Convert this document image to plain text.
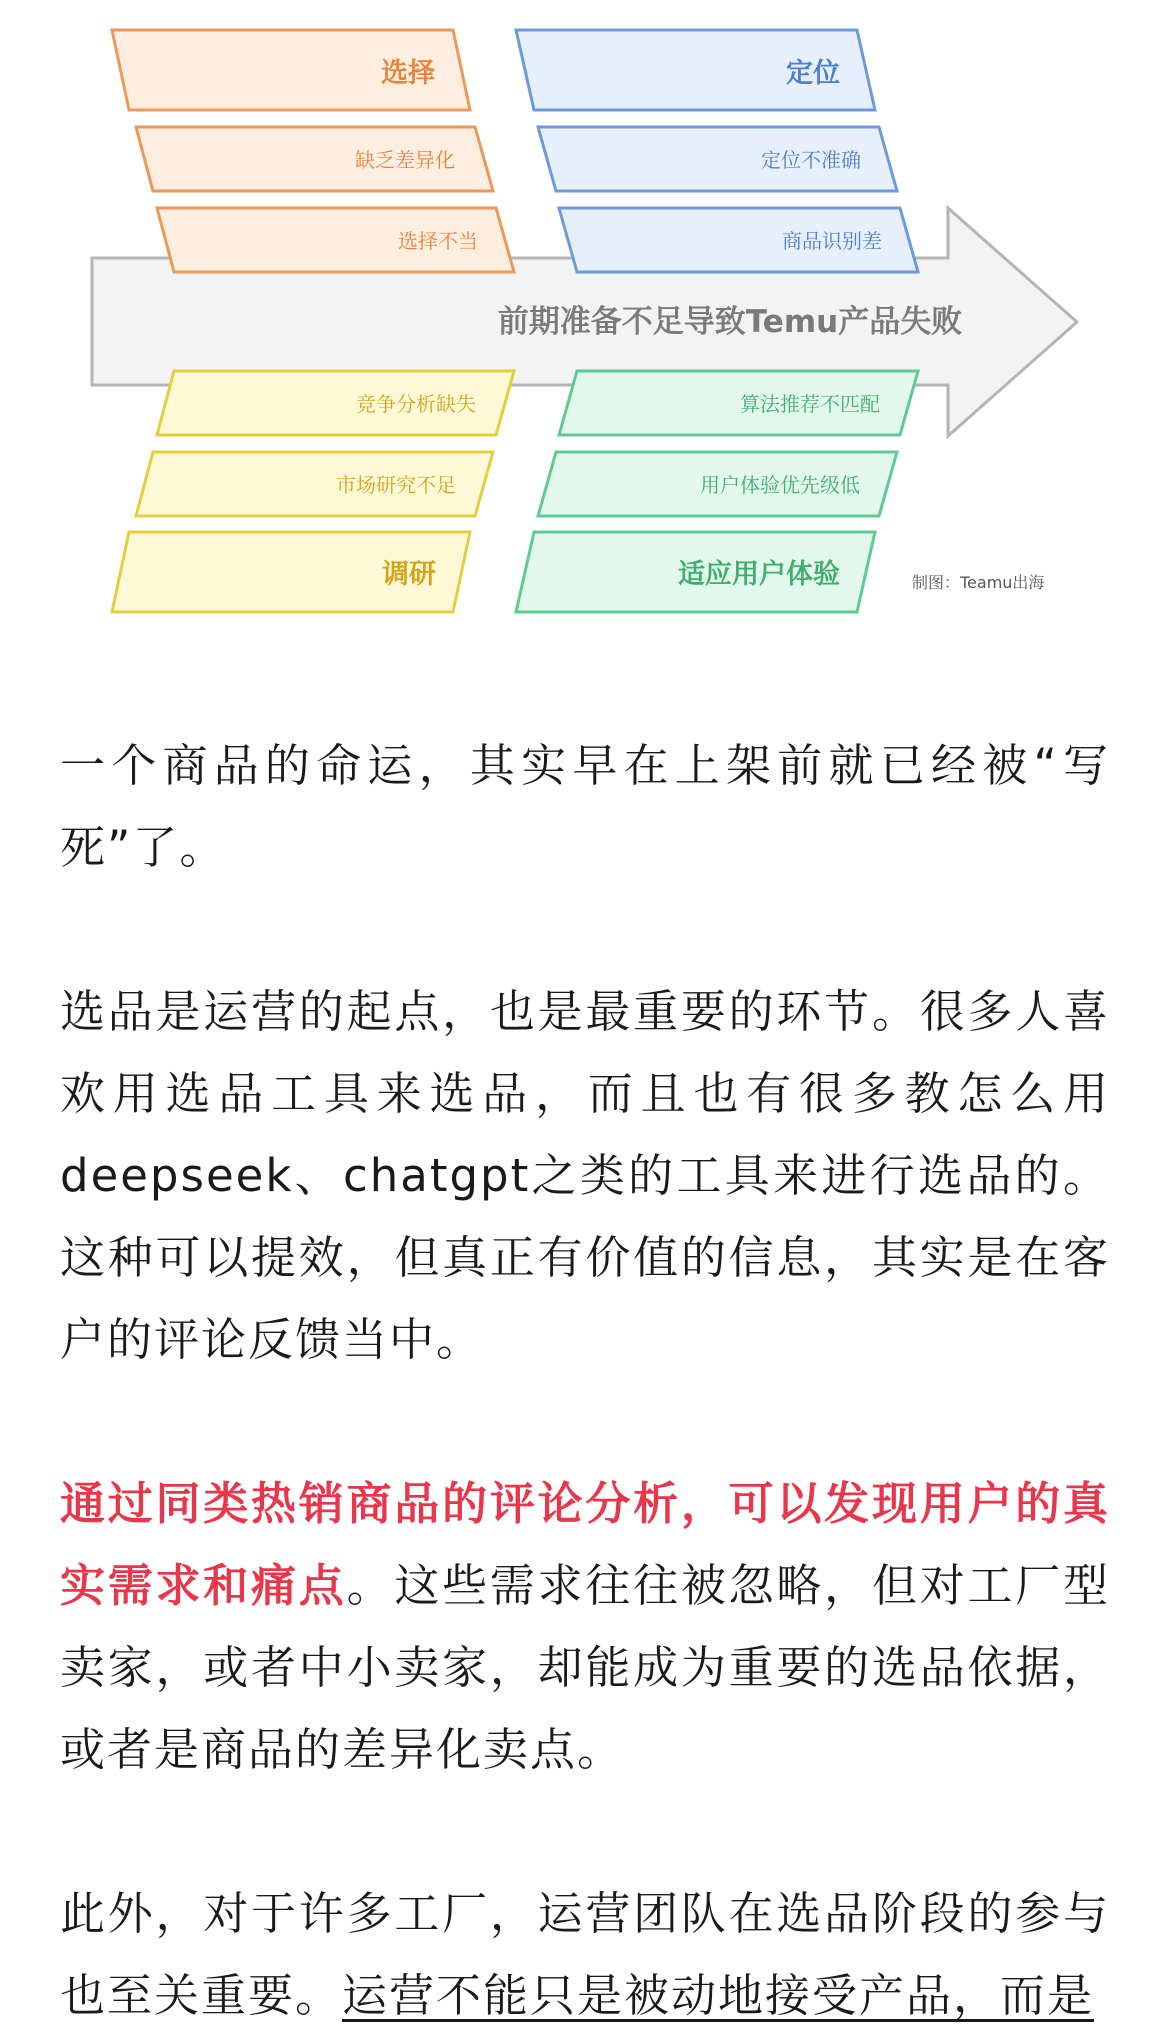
前期准备不足导致Temu产品失败
选择
缺乏差异化
选择不当
定位
定位不准确
商品识别差
竞争分析缺失
市场研究不足
调研
算法推荐不匹配
用户体验优先级低
适应用户体验	制图：Teamu出海

一个商品的命运，其实早在上架前就已经被“写死”了。

选品是运营的起点，也是最重要的环节。很多人喜欢用选品工具来选品，而且也有很多教怎么用deepseek、chatgpt之类的工具来进行选品的。这种可以提效，但真正有价值的信息，其实是在客户的评论反馈当中。

通过同类热销商品的评论分析，可以发现用户的真实需求和痛点。这些需求往往被忽略，但对工厂型卖家，或者中小卖家，却能成为重要的选品依据，或者是商品的差异化卖点。

此外，对于许多工厂，运营团队在选品阶段的参与也至关重要。运营不能只是被动地接受产品，而是
